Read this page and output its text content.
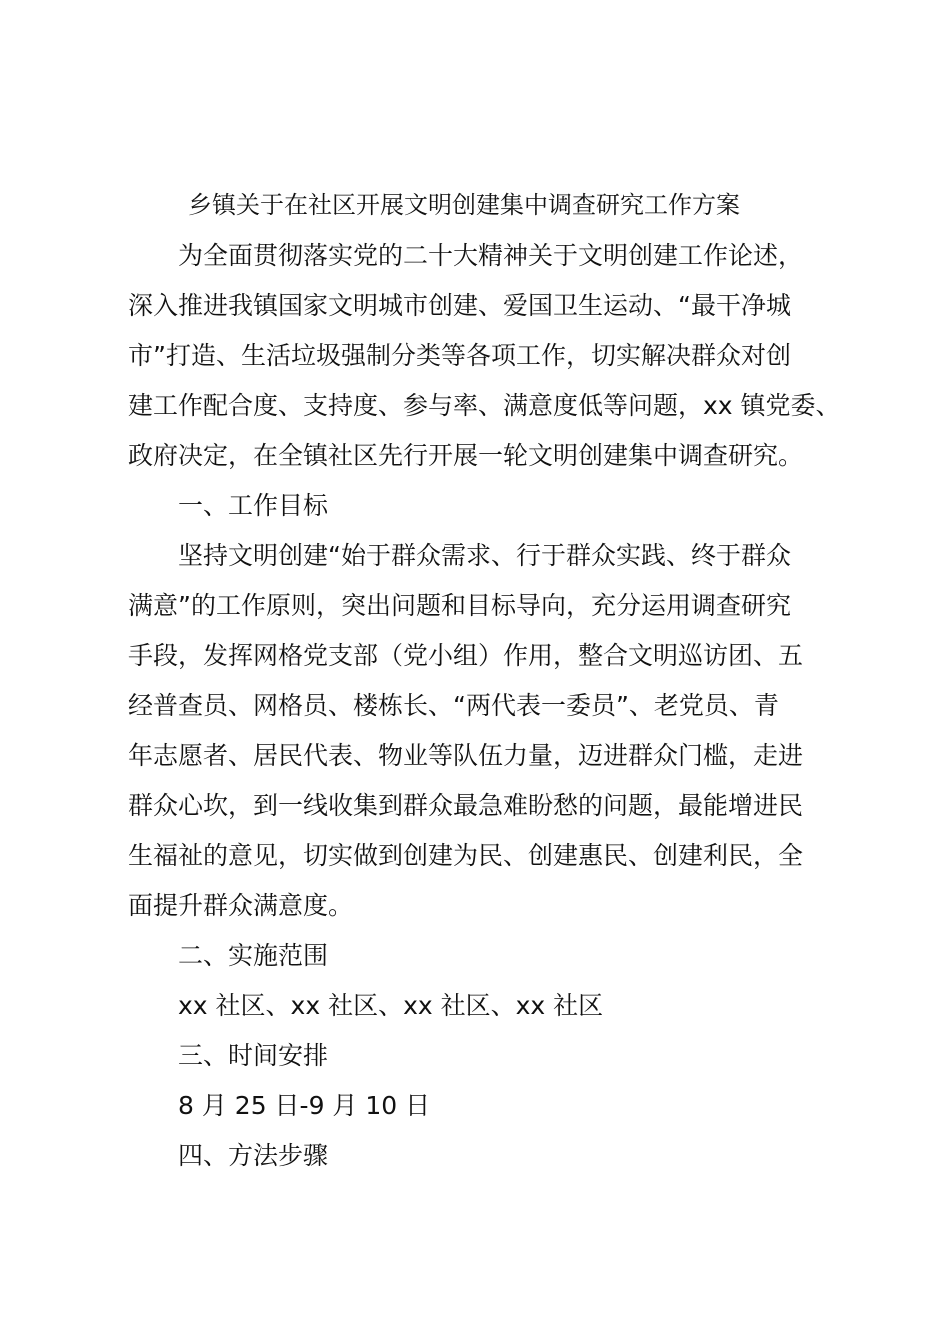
乡镇关于在社区开展文明创建集中调查研究工作方案

为全面贯彻落实党的二十大精神关于文明创建工作论述，

深入推进我镇国家文明城市创建、爱国卫生运动、“最干净城

市”打造、生活垃圾强制分类等各项工作，切实解决群众对创

建工作配合度、支持度、参与率、满意度低等问题，xx 镇党委、

政府决定，在全镇社区先行开展一轮文明创建集中调查研究。

一、工作目标

坚持文明创建“始于群众需求、行于群众实践、终于群众

满意”的工作原则，突出问题和目标导向，充分运用调查研究

手段，发挥网格党支部（党小组）作用，整合文明巡访团、五

经普查员、网格员、楼栋长、“两代表一委员”、老党员、青

年志愿者、居民代表、物业等队伍力量，迈进群众门槛，走进

群众心坎，到一线收集到群众最急难盼愁的问题，最能增进民

生福祉的意见，切实做到创建为民、创建惠民、创建利民，全

面提升群众满意度。

二、实施范围

xx 社区、xx 社区、xx 社区、xx 社区

三、时间安排

8 月 25 日-9 月 10 日

四、方法步骤
